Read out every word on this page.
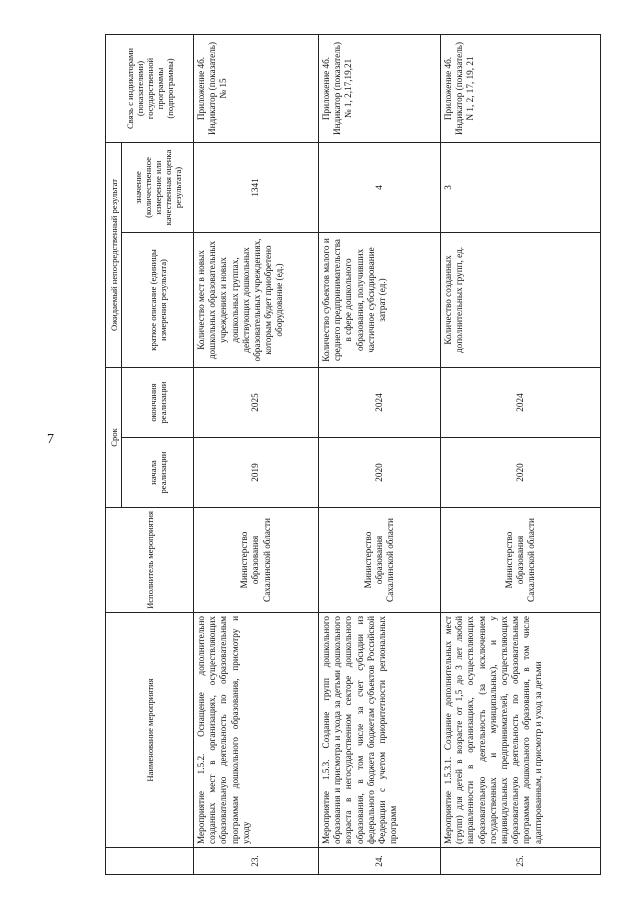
7
	Наименование мероприятия	Исполнитель мероприятия	Срок		Ожидаемый непосредственный результат		Связь с индикаторами (показателями) государственной программы (подпрограммы)
			начала реализации	окончания реализации	краткое описание (единицы измерения результата)	значение (количественное измерение или качественная оценка результата)	
23.	Мероприятие 1.5.2. Оснащение дополнительно созданных мест в организациях, осуществляющих образовательную деятельность по образовательным программам дошкольного образования, присмотру и уходу	Министерство образования Сахалинской области	2019	2025	Количество мест в новых дошкольных образовательных учреждениях и новых дошкольных группах, действующих дошкольных образовательных учреждениях, которым будет приобретено оборудование (ед.)	1341	Приложение 4б. Индикатор (показатель) № 15
24.	Мероприятие 1.5.3. Создание групп дошкольного образования и присмотра и ухода за детьми дошкольного возраста в негосударственном секторе дошкольного образования, в том числе за счет субсидии из федерального бюджета бюджетам субъектов Российской Федерации с учетом приоритетности региональных программ	Министерство образования Сахалинской области	2020	2024	Количество субъектов малого и среднего предпринимательства в сфере дошкольного образования, получивших частичное субсидирование затрат (ед.)	4	Приложение 4б. Индикатор (показатель) № 1, 2,17,19,21
25.	Мероприятие 1.5.3.1. Создание дополнительных мест (групп) для детей в возрасте от 1,5 до 3 лет любой направленности в организациях, осуществляющих образовательную деятельность (за исключением государственных и муниципальных), и у индивидуальных предпринимателей, осуществляющих образовательную деятельность по образовательным программам дошкольного образования, в том числе адаптированным, и присмотр и уход за детьми	Министерство образования Сахалинской области	2020	2024	Количество созданных дополнительных групп, ед.	3	Приложение 4б. Индикатор (показатель) N 1, 2, 17, 19, 21
